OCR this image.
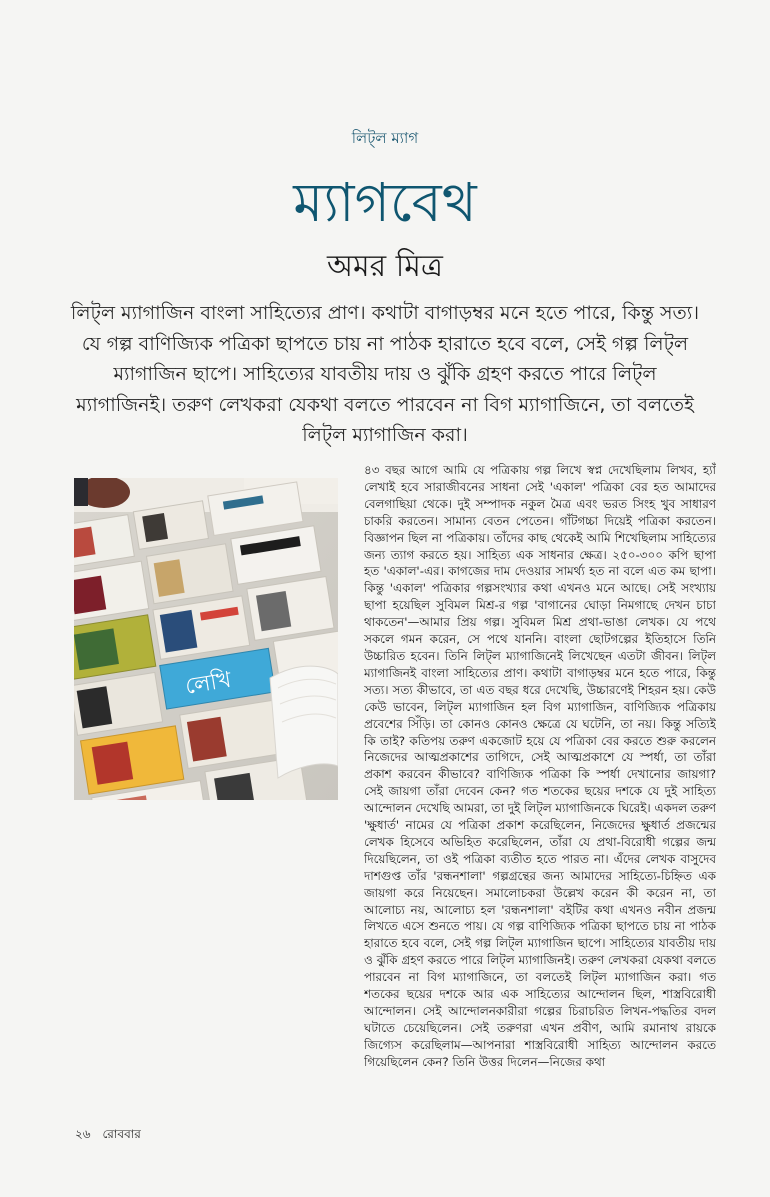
লিট্‌ল ম্যাগ
ম্যাগবেথ
অমর মিত্র
লিট্‌ল ম্যাগাজিন বাংলা সাহিত্যের প্রাণ। কথাটা বাগাড়ম্বর মনে হতে পারে, কিন্তু সত্য। যে গল্প বাণিজ্যিক পত্রিকা ছাপতে চায় না পাঠক হারাতে হবে বলে, সেই গল্প লিট্‌ল ম্যাগাজিন ছাপে। সাহিত্যের যাবতীয় দায় ও ঝুঁকি গ্রহণ করতে পারে লিট্‌ল ম্যাগাজিনই। তরুণ লেখকরা যেকথা বলতে পারবেন না বিগ ম্যাগাজিনে, তা বলতেই লিট্‌ল ম্যাগাজিন করা।
লেখি

৪৩ বছর আগে আমি যে পত্রিকায় গল্প লিখে স্বপ্ন দেখেছিলাম লিখব, হ্যাঁ লেখাই হবে সারাজীবনের সাধনা সেই 'একাল' পত্রিকা বের হত আমাদের বেলগাছিয়া থেকে। দুই সম্পাদক নকুল মৈত্র এবং ভরত সিংহ খুব সাধারণ চাকরি করতেন। সামান্য বেতন পেতেন। গাঁটগচ্চা দিয়েই পত্রিকা করতেন। বিজ্ঞাপন ছিল না পত্রিকায়। তাঁদের কাছ থেকেই আমি শিখেছিলাম সাহিত্যের জন্য ত্যাগ করতে হয়। সাহিত্য এক সাধনার ক্ষেত্র। ২৫০-৩০০ কপি ছাপা হত 'একাল'-এর। কাগজের দাম দেওয়ার সামর্থ্য হত না বলে এত কম ছাপা। কিন্তু 'একাল' পত্রিকার গল্পসংখ্যার কথা এখনও মনে আছে। সেই সংখ্যায় ছাপা হয়েছিল সুবিমল মিশ্র-র গল্প 'বাগানের ঘোড়া নিমগাছে দেখন চাচা থাকতেন'—আমার প্রিয় গল্প। সুবিমল মিশ্র প্রথা-ভাঙা লেখক। যে পথে সকলে গমন করেন, সে পথে যাননি। বাংলা ছোটগল্পের ইতিহাসে তিনি উচ্চারিত হবেন। তিনি লিট্‌ল ম্যাগাজিনেই লিখেছেন এতটা জীবন। লিট্‌ল ম্যাগাজিনই বাংলা সাহিত্যের প্রাণ। কথাটা বাগাড়ম্বর মনে হতে পারে, কিন্তু সত্য। সত্য কীভাবে, তা এত বছর ধরে দেখেছি, উচ্চারণেই শিহরন হয়। কেউ কেউ ভাবেন, লিট্‌ল ম্যাগাজিন হল বিগ ম্যাগাজিন, বাণিজ্যিক পত্রিকায় প্রবেশের সিঁড়ি। তা কোনও কোনও ক্ষেত্রে যে ঘটেনি, তা নয়। কিন্তু সত্যিই কি তাই? কতিপয় তরুণ একজোট হয়ে যে পত্রিকা বের করতে শুরু করলেন নিজেদের আত্মপ্রকাশের তাগিদে, সেই আত্মপ্রকাশে যে স্পর্ধা, তা তাঁরা প্রকাশ করবেন কীভাবে? বাণিজ্যিক পত্রিকা কি স্পর্ধা দেখানোর জায়গা? সেই জায়গা তাঁরা দেবেন কেন? গত শতকের ছয়ের দশকে যে দুই সাহিত্য আন্দোলন দেখেছি আমরা, তা দুই লিট্‌ল ম্যাগাজিনকে ঘিরেই। একদল তরুণ 'ক্ষুধার্ত' নামের যে পত্রিকা প্রকাশ করেছিলেন, নিজেদের ক্ষুধার্ত প্রজন্মের লেখক হিসেবে অভিহিত করেছিলেন, তাঁরা যে প্রথা-বিরোধী গল্পের জন্ম দিয়েছিলেন, তা ওই পত্রিকা ব্যতীত হতে পারত না। এঁদের লেখক বাসুদেব দাশগুপ্ত তাঁর 'রন্ধনশালা' গল্পগ্রন্থের জন্য আমাদের সাহিত্যে-চিহ্নিত এক জায়গা করে নিয়েছেন। সমালোচকরা উল্লেখ করেন কী করেন না, তা আলোচ্য নয়, আলোচ্য হল 'রন্ধনশালা' বইটির কথা এখনও নবীন প্রজন্ম লিখতে এসে শুনতে পায়। যে গল্প বাণিজ্যিক পত্রিকা ছাপতে চায় না পাঠক হারাতে হবে বলে, সেই গল্প লিট্‌ল ম্যাগাজিন ছাপে। সাহিত্যের যাবতীয় দায় ও ঝুঁকি গ্রহণ করতে পারে লিট্‌ল ম্যাগাজিনই। তরুণ লেখকরা যেকথা বলতে পারবেন না বিগ ম্যাগাজিনে, তা বলতেই লিট্‌ল ম্যাগাজিন করা। গত শতকের ছয়ের দশকে আর এক সাহিত্যের আন্দোলন ছিল, শাস্ত্রবিরোধী আন্দোলন। সেই আন্দোলনকারীরা গল্পের চিরাচরিত লিখন-পদ্ধতির বদল ঘটাতে চেয়েছিলেন। সেই তরুণরা এখন প্রবীণ, আমি রমানাথ রায়কে জিগ্যেস করেছিলাম—আপনারা শাস্ত্রবিরোধী সাহিত্য আন্দোলন করতে গিয়েছিলেন কেন? তিনি উত্তর দিলেন—নিজের কথা

২৬ রোববার
